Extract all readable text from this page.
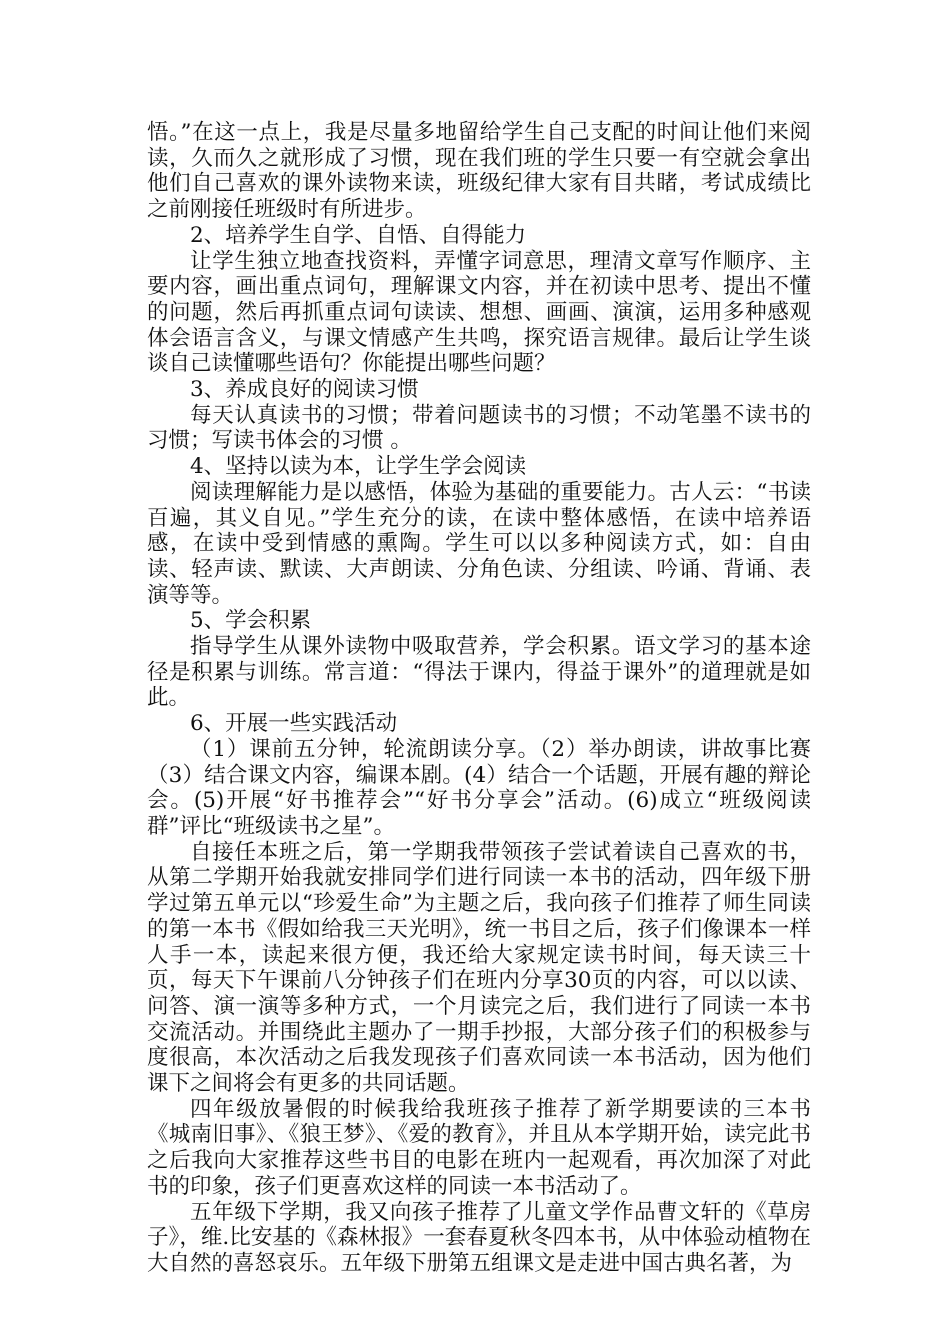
悟。”在这一点上，我是尽量多地留给学生自己支配的时间让他们来阅读，久而久之就形成了习惯，现在我们班的学生只要一有空就会拿出他们自己喜欢的课外读物来读，班级纪律大家有目共睹，考试成绩比之前刚接任班级时有所进步。

2、培养学生自学、自悟、自得能力

让学生独立地查找资料，弄懂字词意思，理清文章写作顺序、主要内容，画出重点词句，理解课文内容，并在初读中思考、提出不懂的问题，然后再抓重点词句读读、想想、画画、演演，运用多种感观体会语言含义，与课文情感产生共鸣，探究语言规律。最后让学生谈谈自己读懂哪些语句？你能提出哪些问题？

3、养成良好的阅读习惯

每天认真读书的习惯；带着问题读书的习惯；不动笔墨不读书的习惯；写读书体会的习惯 。

4、坚持以读为本，让学生学会阅读

阅读理解能力是以感悟，体验为基础的重要能力。古人云：“书读百遍，其义自见。”学生充分的读，在读中整体感悟，在读中培养语感，在读中受到情感的熏陶。学生可以以多种阅读方式，如：自由读、轻声读、默读、大声朗读、分角色读、分组读、吟诵、背诵、表演等等。

5、学会积累

指导学生从课外读物中吸取营养，学会积累。语文学习的基本途径是积累与训练。常言道：“得法于课内，得益于课外”的道理就是如此。

6、开展一些实践活动

（1）课前五分钟，轮流朗读分享。（2）举办朗读，讲故事比赛（3）结合课文内容，编课本剧。(4）结合一个话题，开展有趣的辩论会。(5)开展“好书推荐会”“好书分享会”活动。(6)成立“班级阅读群”评比“班级读书之星”。

自接任本班之后，第一学期我带领孩子尝试着读自己喜欢的书，从第二学期开始我就安排同学们进行同读一本书的活动，四年级下册学过第五单元以“珍爱生命”为主题之后，我向孩子们推荐了师生同读的第一本书《假如给我三天光明》，统一书目之后，孩子们像课本一样人手一本，读起来很方便，我还给大家规定读书时间，每天读三十页，每天下午课前八分钟孩子们在班内分享30页的内容，可以以读、问答、演一演等多种方式，一个月读完之后，我们进行了同读一本书交流活动。并围绕此主题办了一期手抄报，大部分孩子们的积极参与度很高，本次活动之后我发现孩子们喜欢同读一本书活动，因为他们课下之间将会有更多的共同话题。

四年级放暑假的时候我给我班孩子推荐了新学期要读的三本书《城南旧事》、《狼王梦》、《爱的教育》，并且从本学期开始，读完此书之后我向大家推荐这些书目的电影在班内一起观看，再次加深了对此书的印象，孩子们更喜欢这样的同读一本书活动了。

五年级下学期，我又向孩子推荐了儿童文学作品曹文轩的《草房子》，维.比安基的《森林报》一套春夏秋冬四本书，从中体验动植物在大自然的喜怒哀乐。五年级下册第五组课文是走进中国古典名著，为
